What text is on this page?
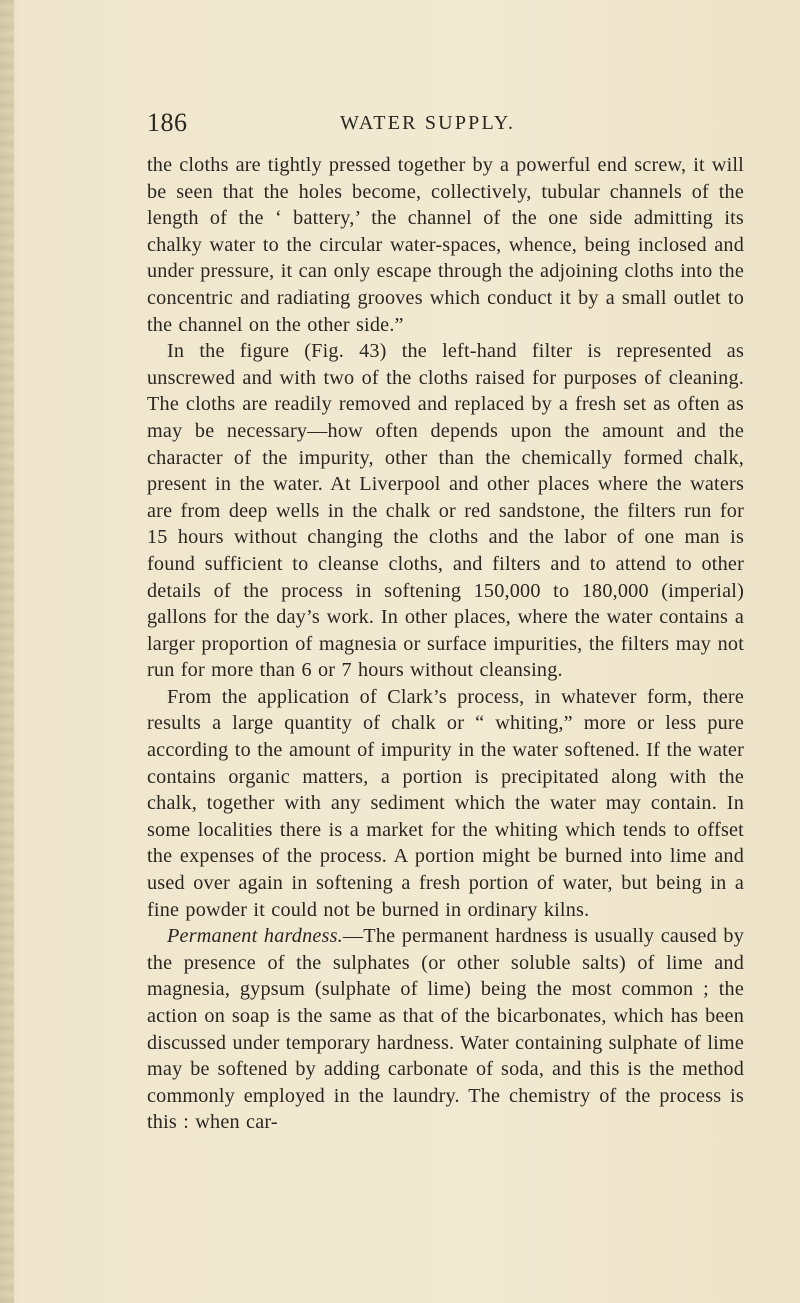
186	WATER SUPPLY.

the cloths are tightly pressed together by a powerful end screw, it will be seen that the holes become, collectively, tubular channels of the length of the ‘ battery,’ the channel of the one side admitting its chalky water to the circular water-spaces, whence, being inclosed and under pressure, it can only escape through the adjoining cloths into the concentric and radiating grooves which conduct it by a small outlet to the channel on the other side.”

In the figure (Fig. 43) the left-hand filter is represented as unscrewed and with two of the cloths raised for purposes of cleaning. The cloths are readily removed and replaced by a fresh set as often as may be necessary—how often depends upon the amount and the character of the impurity, other than the chemically formed chalk, present in the water. At Liverpool and other places where the waters are from deep wells in the chalk or red sandstone, the filters run for 15 hours without changing the cloths and the labor of one man is found sufficient to cleanse cloths, and filters and to attend to other details of the process in softening 150,000 to 180,000 (imperial) gallons for the day’s work. In other places, where the water contains a larger proportion of magnesia or surface impurities, the filters may not run for more than 6 or 7 hours without cleansing.

From the application of Clark’s process, in whatever form, there results a large quantity of chalk or “ whiting,” more or less pure according to the amount of impurity in the water softened. If the water contains organic matters, a portion is precipitated along with the chalk, together with any sediment which the water may contain. In some localities there is a market for the whiting which tends to offset the expenses of the process. A portion might be burned into lime and used over again in softening a fresh portion of water, but being in a fine powder it could not be burned in ordinary kilns.

Permanent hardness.—The permanent hardness is usually caused by the presence of the sulphates (or other soluble salts) of lime and magnesia, gypsum (sulphate of lime) being the most common ; the action on soap is the same as that of the bicarbonates, which has been discussed under temporary hardness. Water containing sulphate of lime may be softened by adding carbonate of soda, and this is the method commonly employed in the laundry. The chemistry of the process is this : when car-
